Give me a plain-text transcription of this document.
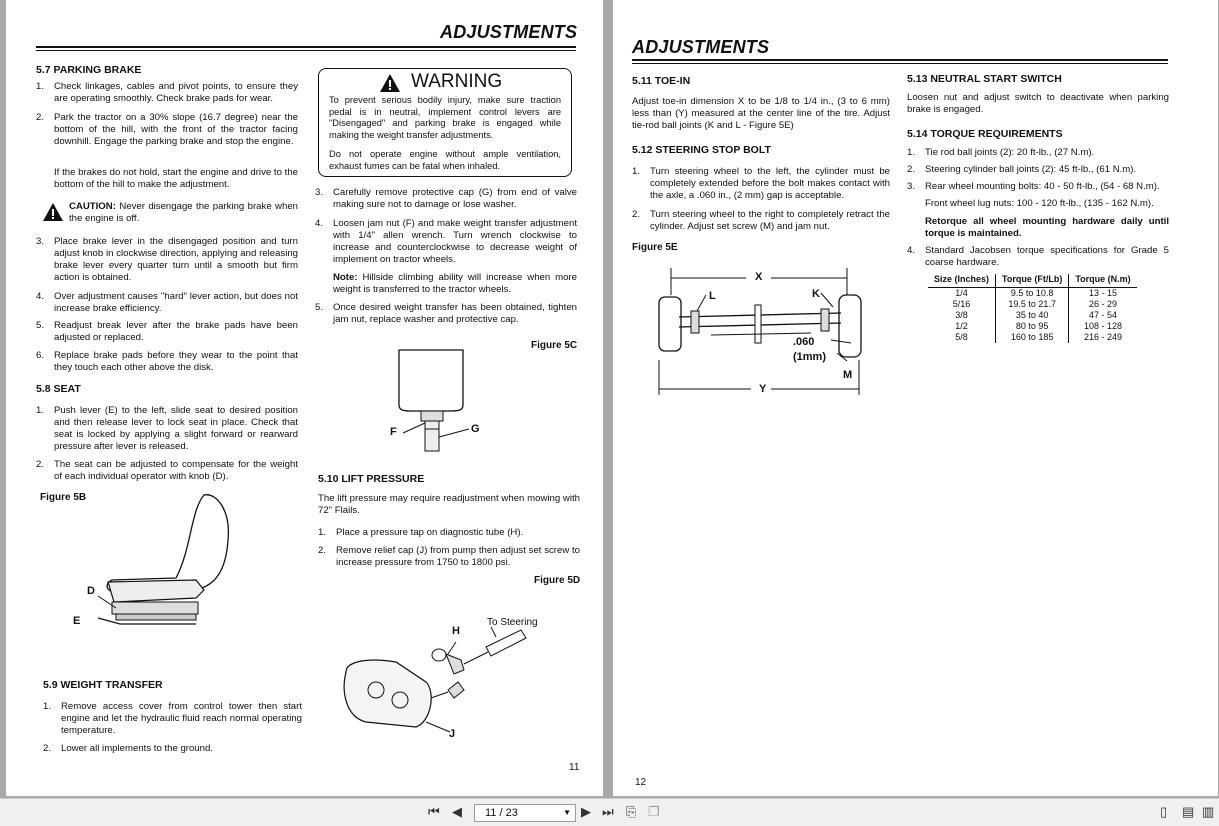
ADJUSTMENTS
5.7 PARKING BRAKE
1. Check linkages, cables and pivot points, to ensure they are operating smoothly. Check brake pads for wear.
2. Park the tractor on a 30% slope (16.7 degree) near the bottom of the hill, with the front of the tractor facing downhill. Engage the parking brake and stop the engine.
If the brakes do not hold, start the engine and drive to the bottom of the hill to make the adjustment.
CAUTION: Never disengage the parking brake when the engine is off.
3. Place brake lever in the disengaged position and turn adjust knob in clockwise direction, applying and releasing brake lever every quarter turn until a smooth but firm action is obtained.
4. Over adjustment causes "hard" lever action, but does not increase brake efficiency.
5. Readjust break lever after the brake pads have been adjusted or replaced.
6. Replace brake pads before they wear to the point that they touch each other above the disk.
5.8 SEAT
1. Push lever (E) to the left, slide seat to desired position and then release lever to lock seat in place. Check that seat is locked by applying a slight forward or rearward pressure after lever is released.
2. The seat can be adjusted to compensate for the weight of each individual operator with knob (D).
Figure 5B
D
E
5.9 WEIGHT TRANSFER
1. Remove access cover from control tower then start engine and let the hydraulic fluid reach normal operating temperature.
2. Lower all implements to the ground.
WARNING
To prevent serious bodily injury, make sure traction pedal is in neutral, implement control levers are "Disengaged" and parking brake is engaged while making the weight transfer adjustments.
Do not operate engine without ample ventilation, exhaust fumes can be fatal when inhaled.
3. Carefully remove protective cap (G) from end of valve making sure not to damage or lose washer.
4. Loosen jam nut (F) and make weight transfer adjustment with 1/4" allen wrench. Turn wrench clockwise to increase and counterclockwise to decrease weight of implement on tractor wheels.
Note: Hillside climbing ability will increase when more weight is transferred to the tractor wheels.
5. Once desired weight transfer has been obtained, tighten jam nut, replace washer and protective cap.
Figure 5C
F	G
5.10 LIFT PRESSURE
The lift pressure may require readjustment when mowing with 72" Flails.
1. Place a pressure tap on diagnostic tube (H).
2. Remove relief cap (J) from pump then adjust set screw to increase pressure from 1750 to 1800 psi.
Figure 5D
To Steering
H
J
11
ADJUSTMENTS
5.11 TOE-IN
Adjust toe-in dimension X to be 1/8 to 1/4 in., (3 to 6 mm) less than (Y) measured at the center line of the tire. Adjust tie-rod ball joints (K and L - Figure 5E)
5.12 STEERING STOP BOLT
1. Turn steering wheel to the left, the cylinder must be completely extended before the bolt makes contact with the axle, a .060 in., (2 mm) gap is acceptable.
2. Turn steering wheel to the right to completely retract the cylinder. Adjust set screw (M) and jam nut.
Figure 5E
X
Y
L	K
M
.060
(1mm)
5.13 NEUTRAL START SWITCH
Loosen nut and adjust switch to deactivate when parking brake is engaged.
5.14 TORQUE REQUIREMENTS
1. Tie rod ball joints (2): 20 ft-lb., (27 N.m).
2. Steering cylinder ball joints (2): 45 ft-lb., (61 N.m).
3. Rear wheel mounting bolts: 40 - 50 ft-lb., (54 - 68 N.m).
Front wheel lug nuts: 100 - 120 ft-lb., (135 - 162 N.m).
Retorque all wheel mounting hardware daily until torque is maintained.
4. Standard Jacobsen torque specifications for Grade 5 coarse hardware.
Size (Inches)	Torque (Ft/Lb)	Torque (N.m)
1/4	9.5 to 10.8	13 - 15
5/16	19.5 to 21.7	26 - 29
3/8	35 to 40	47 - 54
1/2	80 to 95	108 - 128
5/8	160 to 185	216 - 249
12
⏮ ◀ 11 / 23	▼ ▶ ⏭ ⎘ ❐	▯ ▤ ▥
